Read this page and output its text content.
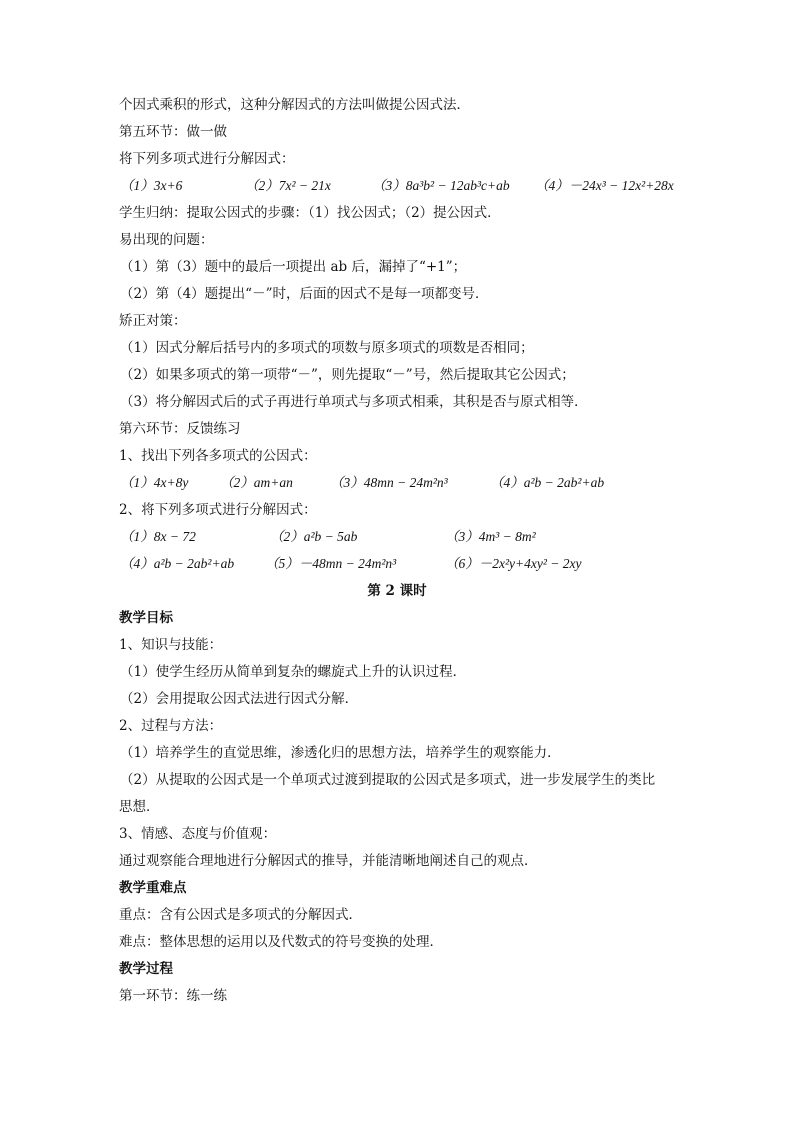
个因式乘积的形式，这种分解因式的方法叫做提公因式法．
第五环节：做一做
将下列多项式进行分解因式：
（1）3x+6	（2）7x² − 21x	（3）8a³b² − 12ab³c+ab （4）－24x³ − 12x²+28x
学生归纳：提取公因式的步骤：（1）找公因式；（2）提公因式．
易出现的问题：
（1）第（3）题中的最后一项提出 ab 后，漏掉了“+1”；
（2）第（4）题提出“－”时，后面的因式不是每一项都变号．
矫正对策：
（1）因式分解后括号内的多项式的项数与原多项式的项数是否相同；
（2）如果多项式的第一项带“－”，则先提取“－”号，然后提取其它公因式；
（3）将分解因式后的式子再进行单项式与多项式相乘，其积是否与原式相等．
第六环节：反馈练习
1、找出下列各多项式的公因式：
（1）4x+8y （2）am+an	（3）48mn − 24m²n³	（4）a²b − 2ab²+ab
2、将下列多项式进行分解因式：
（1）8x − 72	（2）a²b − 5ab	（3）4m³ − 8m²
（4）a²b − 2ab²+ab （5）－48mn − 24m²n³	（6）－2x²y+4xy² − 2xy
第 2 课时
教学目标
1、知识与技能：
（1）使学生经历从简单到复杂的螺旋式上升的认识过程．
（2）会用提取公因式法进行因式分解．
2、过程与方法：
（1）培养学生的直觉思维，渗透化归的思想方法，培养学生的观察能力．
（2）从提取的公因式是一个单项式过渡到提取的公因式是多项式，进一步发展学生的类比
思想．
3、情感、态度与价值观：
通过观察能合理地进行分解因式的推导，并能清晰地阐述自己的观点．
教学重难点
重点：含有公因式是多项式的分解因式．
难点：整体思想的运用以及代数式的符号变换的处理．
教学过程
第一环节：练一练
